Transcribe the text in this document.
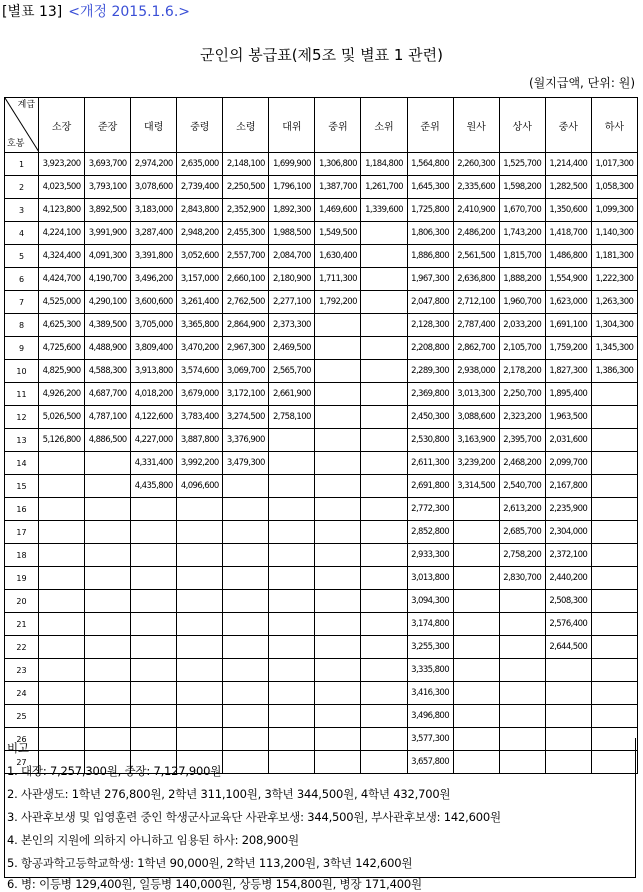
[별표 13] <개정 2015.1.6.>
군인의 봉급표(제5조 및 별표 1 관련)
(월지급액, 단위: 원)
계급
호봉	소장	준장	대령	중령	소령	대위	중위	소위	준위	원사	상사	중사	하사
1	3,923,200	3,693,700	2,974,200	2,635,000	2,148,100	1,699,900	1,306,800	1,184,800	1,564,800	2,260,300	1,525,700	1,214,400	1,017,300
2	4,023,500	3,793,100	3,078,600	2,739,400	2,250,500	1,796,100	1,387,700	1,261,700	1,645,300	2,335,600	1,598,200	1,282,500	1,058,300
3	4,123,800	3,892,500	3,183,000	2,843,800	2,352,900	1,892,300	1,469,600	1,339,600	1,725,800	2,410,900	1,670,700	1,350,600	1,099,300
4	4,224,100	3,991,900	3,287,400	2,948,200	2,455,300	1,988,500	1,549,500		1,806,300	2,486,200	1,743,200	1,418,700	1,140,300
5	4,324,400	4,091,300	3,391,800	3,052,600	2,557,700	2,084,700	1,630,400		1,886,800	2,561,500	1,815,700	1,486,800	1,181,300
6	4,424,700	4,190,700	3,496,200	3,157,000	2,660,100	2,180,900	1,711,300		1,967,300	2,636,800	1,888,200	1,554,900	1,222,300
7	4,525,000	4,290,100	3,600,600	3,261,400	2,762,500	2,277,100	1,792,200		2,047,800	2,712,100	1,960,700	1,623,000	1,263,300
8	4,625,300	4,389,500	3,705,000	3,365,800	2,864,900	2,373,300			2,128,300	2,787,400	2,033,200	1,691,100	1,304,300
9	4,725,600	4,488,900	3,809,400	3,470,200	2,967,300	2,469,500			2,208,800	2,862,700	2,105,700	1,759,200	1,345,300
10	4,825,900	4,588,300	3,913,800	3,574,600	3,069,700	2,565,700			2,289,300	2,938,000	2,178,200	1,827,300	1,386,300
11	4,926,200	4,687,700	4,018,200	3,679,000	3,172,100	2,661,900			2,369,800	3,013,300	2,250,700	1,895,400	
12	5,026,500	4,787,100	4,122,600	3,783,400	3,274,500	2,758,100			2,450,300	3,088,600	2,323,200	1,963,500	
13	5,126,800	4,886,500	4,227,000	3,887,800	3,376,900				2,530,800	3,163,900	2,395,700	2,031,600	
14			4,331,400	3,992,200	3,479,300				2,611,300	3,239,200	2,468,200	2,099,700	
15			4,435,800	4,096,600					2,691,800	3,314,500	2,540,700	2,167,800	
16									2,772,300		2,613,200	2,235,900	
17									2,852,800		2,685,700	2,304,000	
18									2,933,300		2,758,200	2,372,100	
19									3,013,800		2,830,700	2,440,200	
20									3,094,300			2,508,300	
21									3,174,800			2,576,400	
22									3,255,300			2,644,500	
23									3,335,800				
24									3,416,300				
25									3,496,800				
26									3,577,300				
27									3,657,800				
비고
1. 대장: 7,257,300원, 중장: 7,127,900원
2. 사관생도: 1학년 276,800원, 2학년 311,100원, 3학년 344,500원, 4학년 432,700원
3. 사관후보생 및 입영훈련 중인 학생군사교육단 사관후보생: 344,500원, 부사관후보생: 142,600원
4. 본인의 지원에 의하지 아니하고 임용된 하사: 208,900원
5. 항공과학고등학교학생: 1학년 90,000원, 2학년 113,200원, 3학년 142,600원
6. 병: 이등병 129,400원, 일등병 140,000원, 상등병 154,800원, 병장 171,400원
